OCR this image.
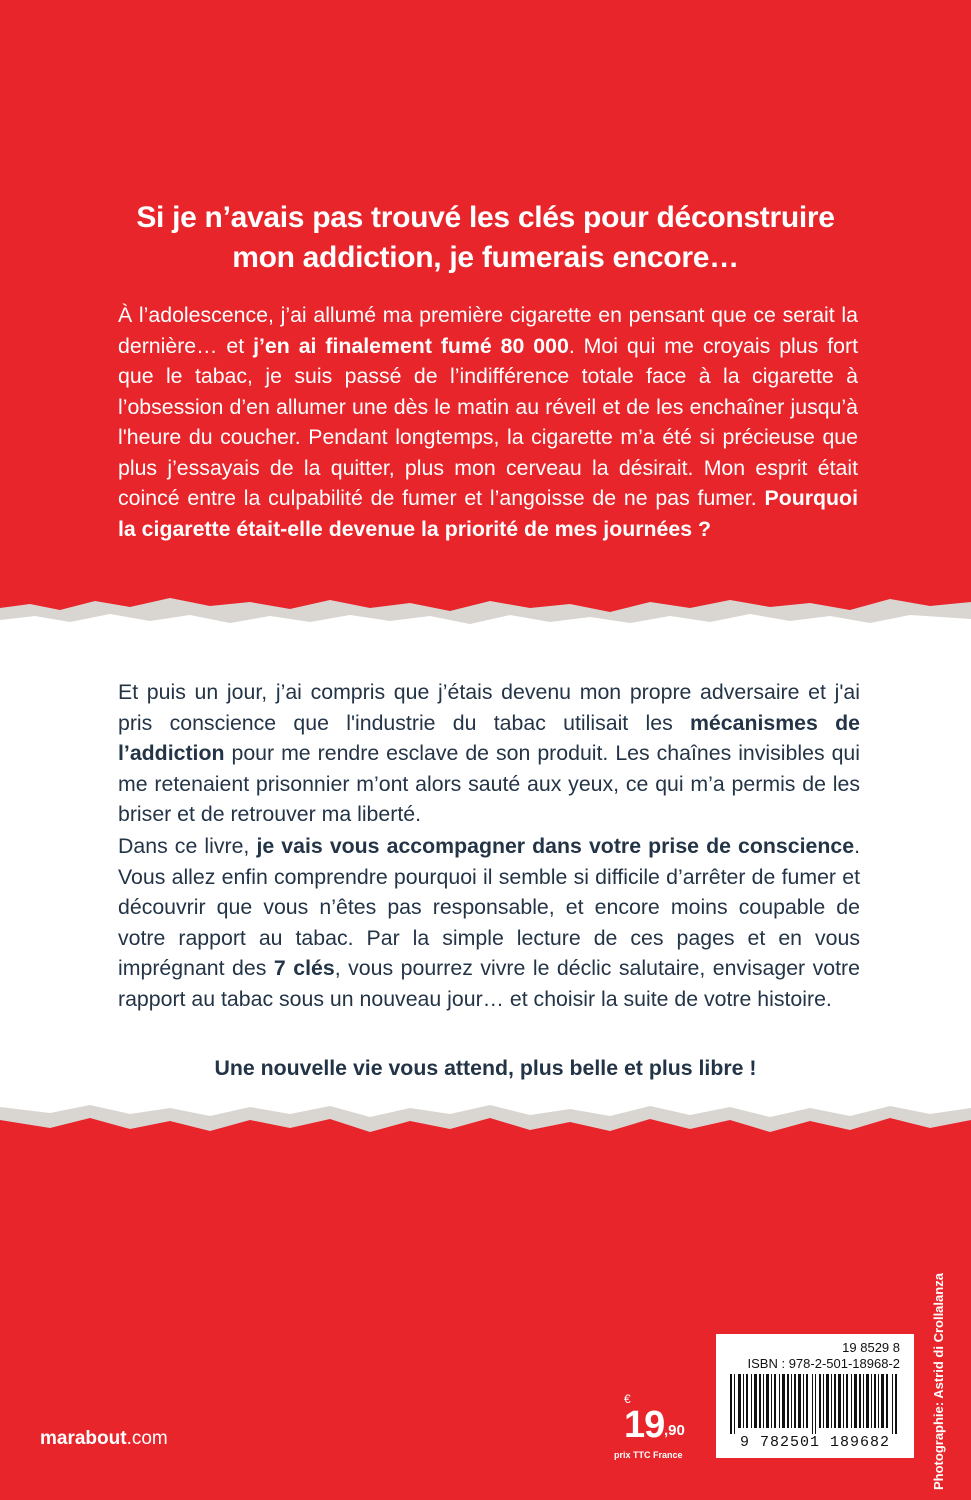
Si je n’avais pas trouvé les clés pour déconstruire
mon addiction, je fumerais encore…
À l’adolescence, j’ai allumé ma première cigarette en pensant que ce serait la dernière… et j’en ai finalement fumé 80 000. Moi qui me croyais plus fort que le tabac, je suis passé de l’indifférence totale face à la cigarette à l’obsession d’en allumer une dès le matin au réveil et de les enchaîner jusqu’à l'heure du coucher. Pendant longtemps, la cigarette m’a été si précieuse que plus j’essayais de la quitter, plus mon cerveau la désirait. Mon esprit était coincé entre la culpabilité de fumer et l’angoisse de ne pas fumer. Pourquoi la cigarette était-elle devenue la priorité de mes journées ?
Et puis un jour, j’ai compris que j’étais devenu mon propre adversaire et j'ai pris conscience que l'industrie du tabac utilisait les mécanismes de l’addiction pour me rendre esclave de son produit. Les chaînes invisibles qui me retenaient prisonnier m’ont alors sauté aux yeux, ce qui m’a permis de les briser et de retrouver ma liberté.
Dans ce livre, je vais vous accompagner dans votre prise de conscience. Vous allez enfin comprendre pourquoi il semble si difficile d’arrêter de fumer et découvrir que vous n’êtes pas responsable, et encore moins coupable de votre rapport au tabac. Par la simple lecture de ces pages et en vous imprégnant des 7 clés, vous pourrez vivre le déclic salutaire, envisager votre rapport au tabac sous un nouveau jour… et choisir la suite de votre histoire.
Une nouvelle vie vous attend, plus belle et plus libre !
marabout.com
€
19 ,90
prix TTC France
19 8529 8
ISBN : 978-2-501-18968-2
9 782501 189682	Photographie: Astrid di Crollalanza
